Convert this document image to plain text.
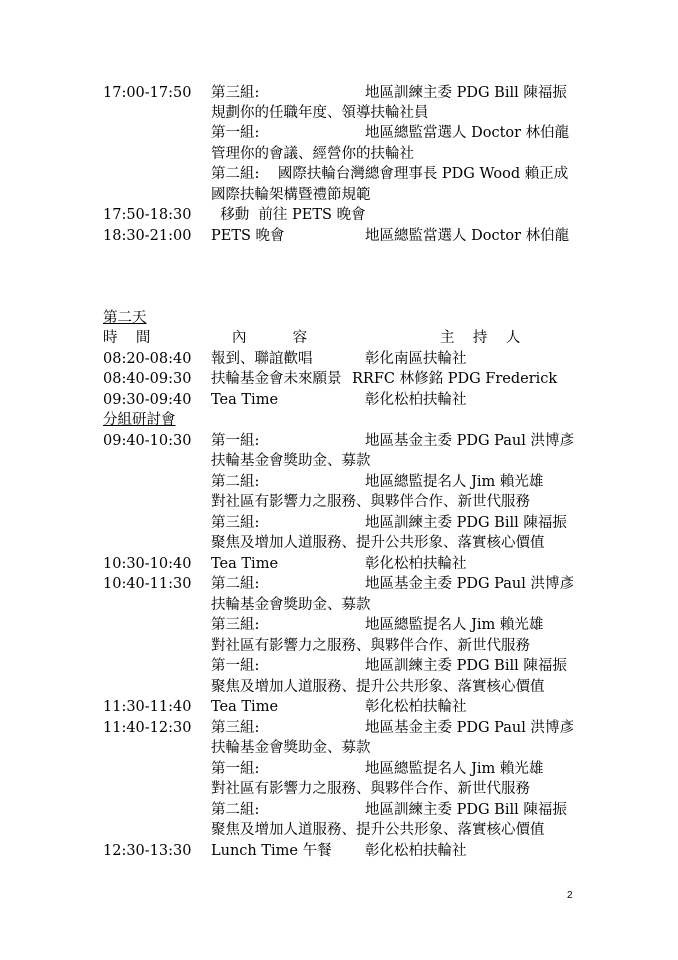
17:00-17:50 第三組:	地區訓練主委 PDG Bill 陳福振
規劃你的任職年度、領導扶輪社員
第一組:	地區總監當選人 Doctor 林伯龍
管理你的會議、經營你的扶輪社
第二組:    國際扶輪台灣總會理事長 PDG Wood 賴正成
國際扶輪架構暨禮節規範
17:50-18:30 移動  前往 PETS 晚會
18:30-21:00 PETS 晚會	地區總監當選人 Doctor 林伯龍
第二天
時    間	內          容	主    持    人
08:20-08:40 報到、聯誼歡唱	彰化南區扶輪社
08:40-09:30 扶輪基金會未來願景 RRFC 林修銘 PDG Frederick
09:30-09:40 Tea Time	彰化松柏扶輪社
分組研討會
09:40-10:30 第一組:	地區基金主委 PDG Paul 洪博彥
扶輪基金會獎助金、募款
第二組:	地區總監提名人 Jim 賴光雄
對社區有影響力之服務、與夥伴合作、新世代服務
第三組:	地區訓練主委 PDG Bill 陳福振
聚焦及增加人道服務、提升公共形象、落實核心價值
10:30-10:40 Tea Time	彰化松柏扶輪社
10:40-11:30 第二組:	地區基金主委 PDG Paul 洪博彥
扶輪基金會獎助金、募款
第三組:	地區總監提名人 Jim 賴光雄
對社區有影響力之服務、與夥伴合作、新世代服務
第一組:	地區訓練主委 PDG Bill 陳福振
聚焦及增加人道服務、提升公共形象、落實核心價值
11:30-11:40 Tea Time	彰化松柏扶輪社
11:40-12:30 第三組:	地區基金主委 PDG Paul 洪博彥
扶輪基金會獎助金、募款
第一組:	地區總監提名人 Jim 賴光雄
對社區有影響力之服務、與夥伴合作、新世代服務
第二組:	地區訓練主委 PDG Bill 陳福振
聚焦及增加人道服務、提升公共形象、落實核心價值
12:30-13:30 Lunch Time 午餐 彰化松柏扶輪社
2
